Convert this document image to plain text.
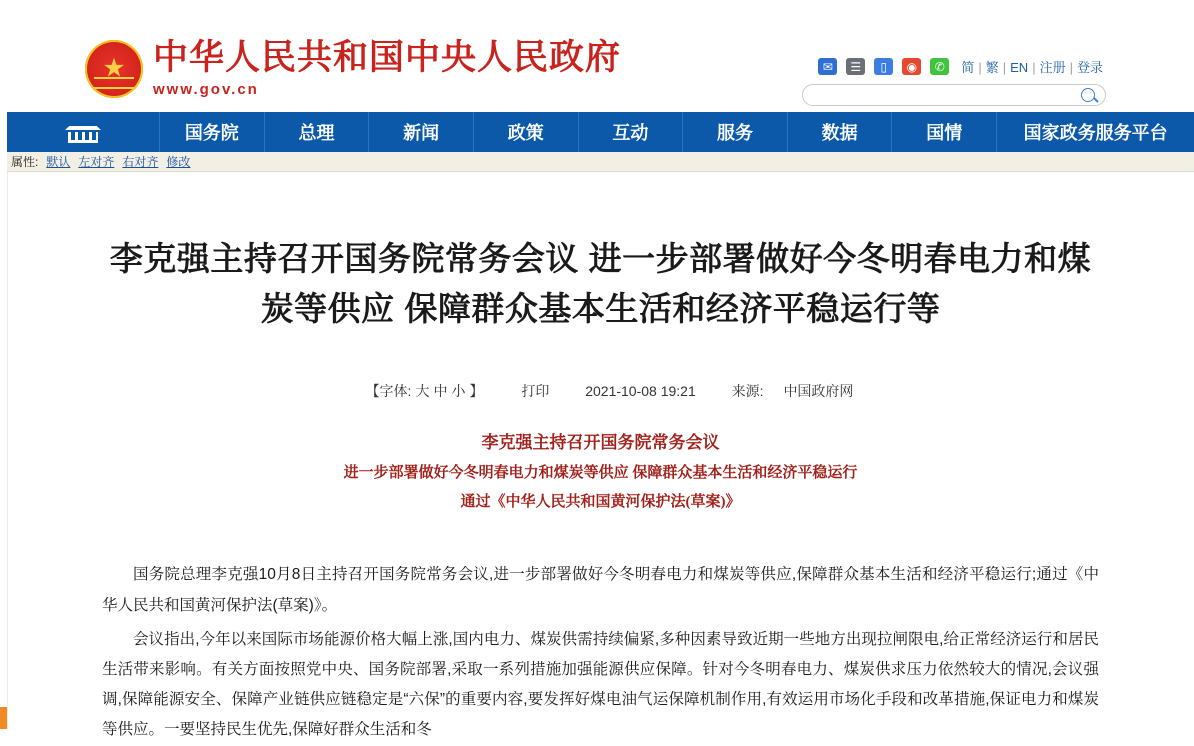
★
中华人民共和国中央人民政府
www.gov.cn
✉	☰	▯	◉	✆	简 | 繁 | EN | 注册 | 登录
国务院	总理	新闻	政策	互动	服务	数据	国情	国家政务服务平台
属性: 默认 左对齐 右对齐 修改
李克强主持召开国务院常务会议 进一步部署做好今冬明春电力和煤炭等供应 保障群众基本生活和经济平稳运行等
【字体: 大 中 小 】	打印	2021-10-08 19:21	来源: 中国政府网
李克强主持召开国务院常务会议
进一步部署做好今冬明春电力和煤炭等供应 保障群众基本生活和经济平稳运行
通过《中华人民共和国黄河保护法(草案)》

国务院总理李克强10月8日主持召开国务院常务会议,进一步部署做好今冬明春电力和煤炭等供应,保障群众基本生活和经济平稳运行;通过《中华人民共和国黄河保护法(草案)》。

会议指出,今年以来国际市场能源价格大幅上涨,国内电力、煤炭供需持续偏紧,多种因素导致近期一些地方出现拉闸限电,给正常经济运行和居民生活带来影响。有关方面按照党中央、国务院部署,采取一系列措施加强能源供应保障。针对今冬明春电力、煤炭供求压力依然较大的情况,会议强调,保障能源安全、保障产业链供应链稳定是“六保”的重要内容,要发挥好煤电油气运保障机制作用,有效运用市场化手段和改革措施,保证电力和煤炭等供应。一要坚持民生优先,保障好群众生活和冬
